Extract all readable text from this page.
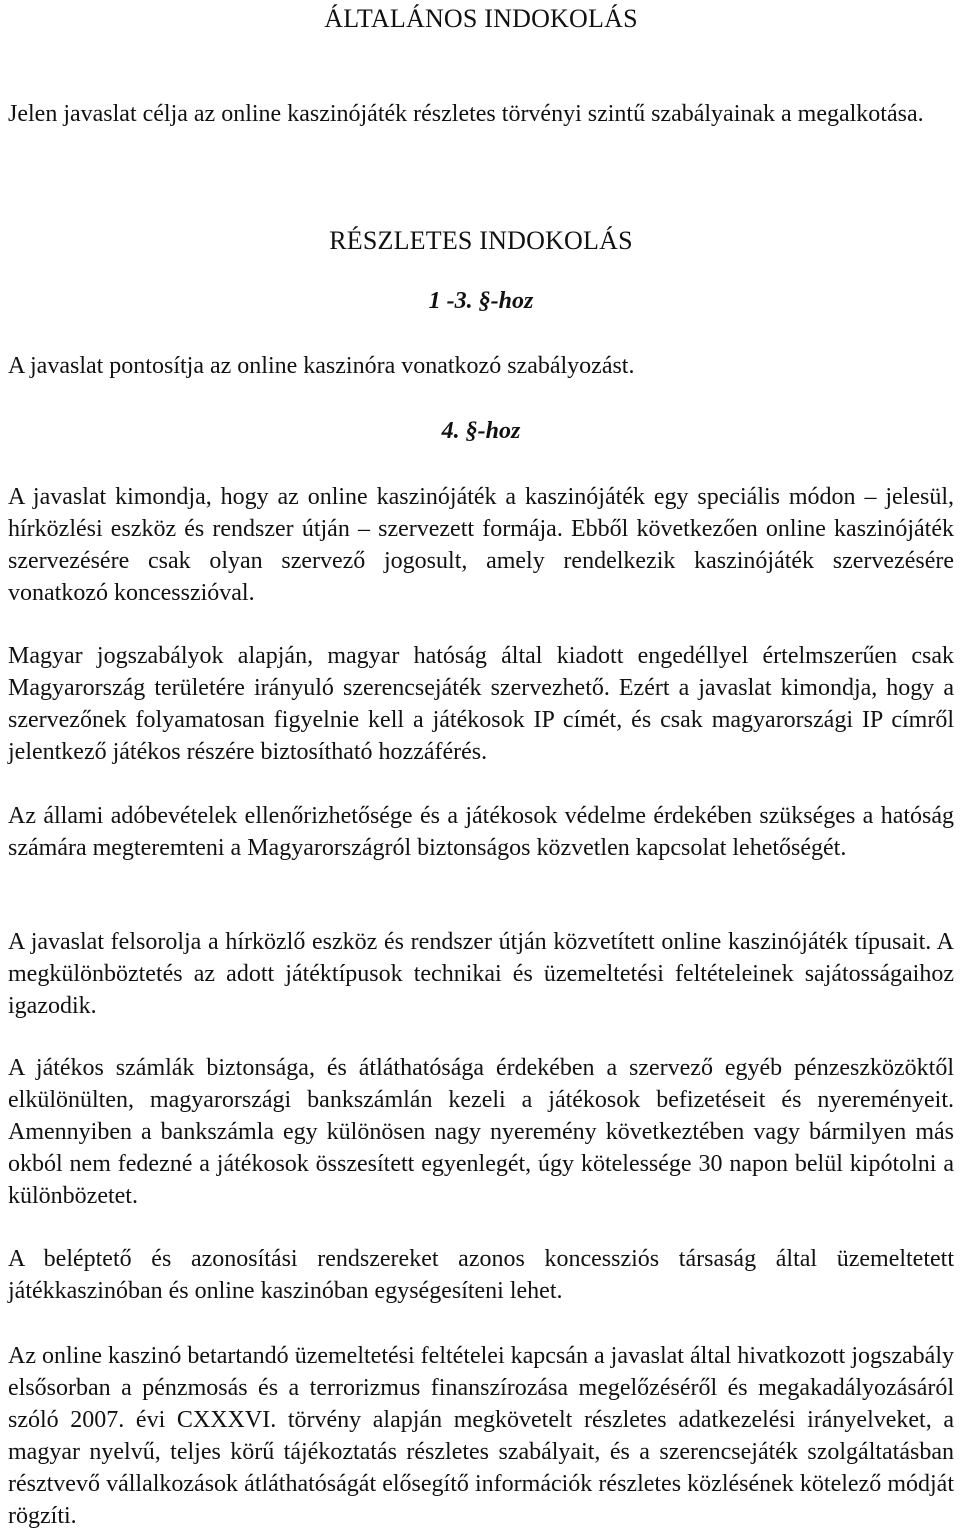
ÁLTALÁNOS INDOKOLÁS

Jelen javaslat célja az online kaszinójáték részletes törvényi szintű szabályainak a megalkotása.

RÉSZLETES INDOKOLÁS
1 -3. §-hoz

A javaslat pontosítja az online kaszinóra vonatkozó szabályozást.

4. §-hoz

A javaslat kimondja, hogy az online kaszinójáték a kaszinójáték egy speciális módon – jelesül, hírközlési eszköz és rendszer útján – szervezett formája. Ebből következően online kaszinójáték szervezésére csak olyan szervező jogosult, amely rendelkezik kaszinójáték szervezésére vonatkozó koncesszióval.

Magyar jogszabályok alapján, magyar hatóság által kiadott engedéllyel értelmszerűen csak Magyarország területére irányuló szerencsejáték szervezhető. Ezért a javaslat kimondja, hogy a szervezőnek folyamatosan figyelnie kell a játékosok IP címét, és csak magyarországi IP címről jelentkező játékos részére biztosítható hozzáférés.

Az állami adóbevételek ellenőrizhetősége és a játékosok védelme érdekében szükséges a hatóság számára megteremteni a Magyarországról biztonságos közvetlen kapcsolat lehetőségét.

A javaslat felsorolja a hírközlő eszköz és rendszer útján közvetített online kaszinójáték típusait. A megkülönböztetés az adott játéktípusok technikai és üzemeltetési feltételeinek sajátosságaihoz igazodik.

A játékos számlák biztonsága, és átláthatósága érdekében a szervező egyéb pénzeszközöktől elkülönülten, magyarországi bankszámlán kezeli a játékosok befizetéseit és nyereményeit. Amennyiben a bankszámla egy különösen nagy nyeremény következtében vagy bármilyen más okból nem fedezné a játékosok összesített egyenlegét, úgy kötelessége 30 napon belül kipótolni a különbözetet.

A beléptető és azonosítási rendszereket azonos koncessziós társaság által üzemeltetett játékkaszinóban és online kaszinóban egységesíteni lehet.

Az online kaszinó betartandó üzemeltetési feltételei kapcsán a javaslat által hivatkozott jogszabály elsősorban a pénzmosás és a terrorizmus finanszírozása megelőzéséről és megakadályozásáról szóló 2007. évi CXXXVI. törvény alapján megkövetelt részletes adatkezelési irányelveket, a magyar nyelvű, teljes körű tájékoztatás részletes szabályait, és a szerencsejáték szolgáltatásban résztvevő vállalkozások átláthatóságát elősegítő információk részletes közlésének kötelező módját rögzíti.
